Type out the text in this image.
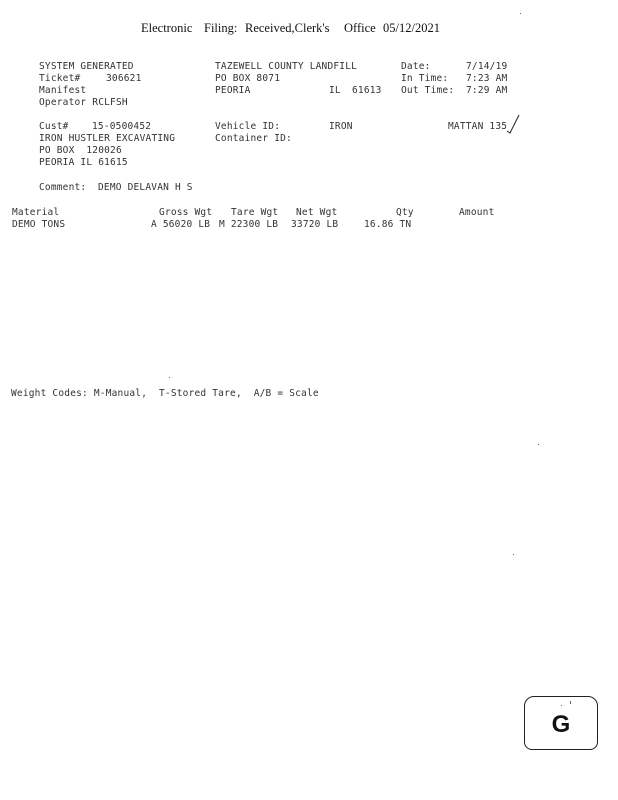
Electronic Filing: Received,Clerk's Office 05/12/2021
SYSTEM GENERATED
Ticket#	306621
Manifest
Operator RCLFSH
TAZEWELL COUNTY LANDFILL
PO BOX 8071
PEORIA	IL 61613
Date:	7/14/19
In Time: 7:23 AM
Out Time: 7:29 AM
Cust# 15-0500452
IRON HUSTLER EXCAVATING
PO BOX  120026
PEORIA IL 61615
Vehicle ID:	IRON
Container ID:
MATTAN 135
Comment: DEMO DELAVAN H S
Material	Gross Wgt Tare Wgt Net Wgt	Qty	Amount
DEMO TONS	A 56020 LB M 22300 LB 33720 LB	16.86 TN
Weight Codes: M-Manual,  T-Stored Tare,  A/B = Scale
G
